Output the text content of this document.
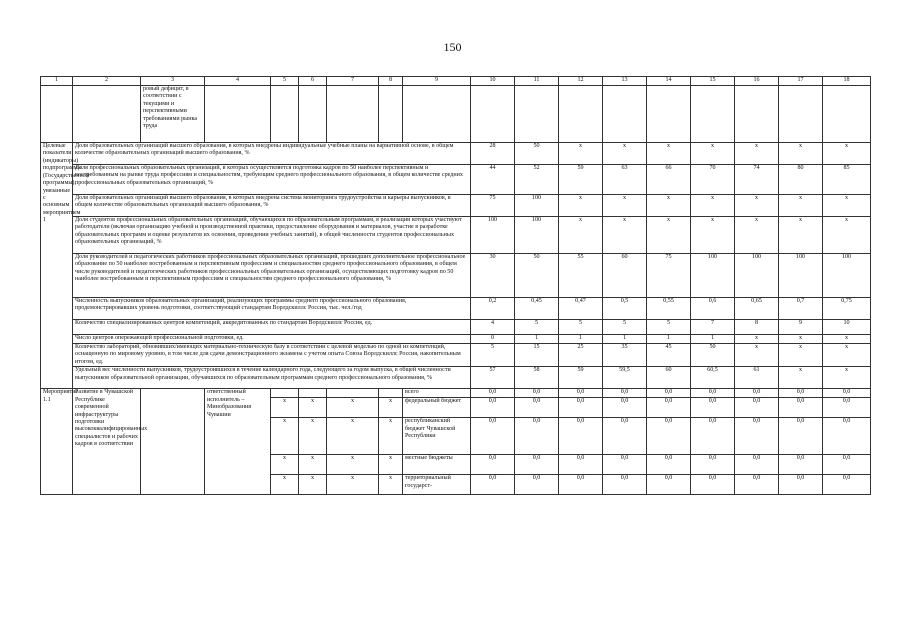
150
1	2	3	4	5	6	7	8	9	10	11	12	13	14	15	16	17	18
		ровый дефицит, в соответствии с текущими и перспективными требованиями рынка труда															
Целевые показатели (индикаторы) подпрограммы (Государственной программы), увязанные с основным мероприятием 1	Доля образовательных организаций высшего образования, в которых внедрены индивидуальные учебные планы на вариативной основе, в общем количестве образовательных организаций высшего образования, %								28	50	x	x	x	x	x	x	x
	Доля профессиональных образовательных организаций, в которых осуществляется подготовка кадров по 50 наиболее перспективным и востребованным на рынке труда профессиям и специальностям, требующим среднего профессионального образования, в общем количестве средних профессиональных образовательных организаций, %								44	52	59	63	66	70	74	80	85
	Доля образовательных организаций высшего образования, в которых внедрена система мониторинга трудоустройства и карьеры выпускников, в общем количестве образовательных организаций высшего образования, %								75	100	x	x	x	x	x	x	x
	Доля студентов профессиональных образовательных организаций, обучающихся по образовательным программам, в реализации которых участвуют работодатели (включая организацию учебной и производственной практики, предоставление оборудования и материалов, участие в разработке образовательных программ и оценке результатов их освоения, проведении учебных занятий), в общей численности студентов профессиональных образовательных организаций, %								100	100	x	x	x	x	x	x	x
	Доля руководителей и педагогических работников профессиональных образовательных организаций, прошедших дополнительное профессиональное образование по 50 наиболее востребованным и перспективным профессиям и специальностям среднего профессионального образования, в общем числе руководителей и педагогических работников профессиональных образовательных организаций, осуществляющих подготовку кадров по 50 наиболее востребованным и перспективным профессиям и специальностям среднего профессионального образования, %								30	50	55	60	75	100	100	100	100
	Численность выпускников образовательных организаций, реализующих программы среднего профессионального образования, продемонстрировавших уровень подготовки, соответствующий стандартам Ворлдскиллс Россия, тыс. чел./год								0,2	0,45	0,47	0,5	0,55	0,6	0,65	0,7	0,75
	Количество специализированных центров компетенций, аккредитованных по стандартам Ворлдскиллс Россия, ед.								4	5	5	5	5	7	8	9	10
	Число центров опережающей профессиональной подготовки, ед.								0	1	1	1	1	1	x	x	x
	Количество лабораторий, обновивших/имеющих материально-техническую базу в соответствии с целевой моделью по одной из компетенций, оснащенную по мировому уровню, в том числе для сдачи демонстрационного экзамена с учетом опыта Союза Ворлдскиллс Россия, накопительным итогом, ед.								5	15	25	35	45	50	x	x	x
	Удельный вес численности выпускников, трудоустроившихся в течение календарного года, следующего за годом выпуска, в общей численности выпускников образовательной организации, обучавшихся по образовательным программам среднего профессионального образования, %								57	58	59	59,5	60	60,5	61	x	x
Мероприятие 1.1	Развитие в Чувашской Республике современной инфраструктуры подготовки высококвалифицированных специалистов и рабочих кадров в соответствии		ответственный исполнитель – Минобразования Чувашии					всего	0,0	0,0	0,0	0,0	0,0	0,0	0,0	0,0	0,0
				x	x	x	x	федеральный бюджет	0,0	0,0	0,0	0,0	0,0	0,0	0,0	0,0	0,0
				x	x	x	x	республиканский бюджет Чувашской Республики	0,0	0,0	0,0	0,0	0,0	0,0	0,0	0,0	0,0
				x	x	x	x	местные бюджеты	0,0	0,0	0,0	0,0	0,0	0,0	0,0	0,0	0,0
				x	x	x	x	территориальный государст-	0,0	0,0	0,0	0,0	0,0	0,0	0,0	0,0	0,0
